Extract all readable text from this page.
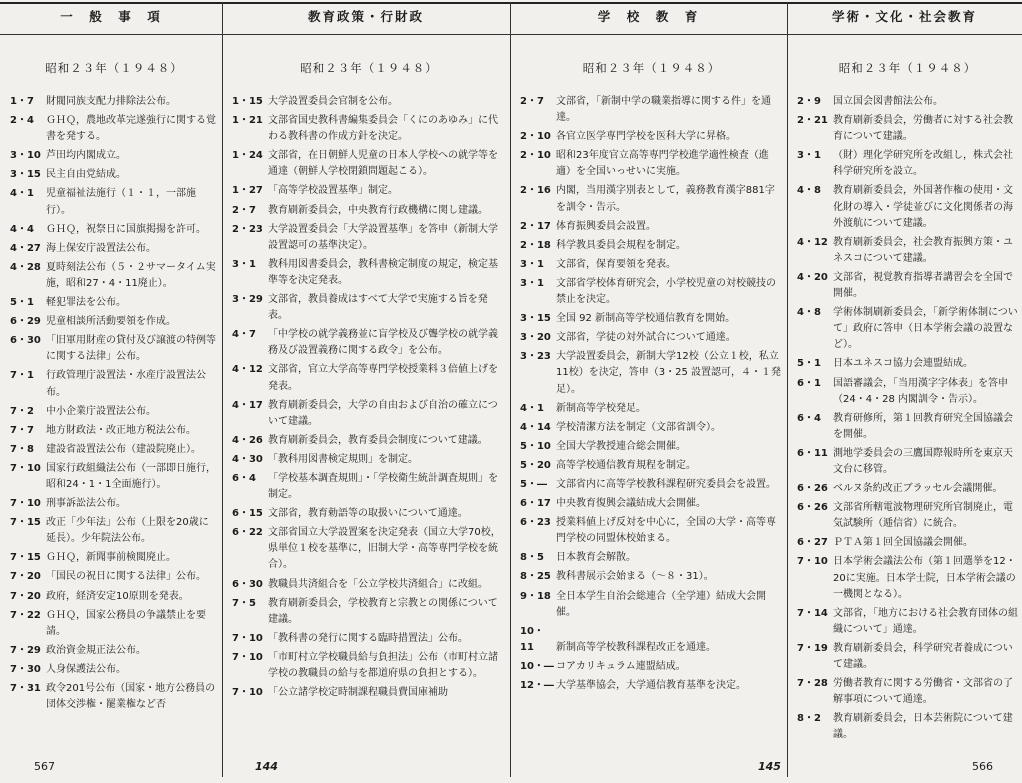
一　般　事　項
昭和２３年（１９４８）
1・7 財閥同族支配力排除法公布。
2・4 ＧＨＱ，農地改革完遂強行に関する覚書を発する。
3・10 芦田均内閣成立。
3・15 民主自由党結成。
4・1 児童福祉法施行（１・１，一部施行）。
4・4 ＧＨＱ，祝祭日に国旗掲揚を許可。
4・27 海上保安庁設置法公布。
4・28 夏時刻法公布（５・２サマータイム実施，昭和27・4・11廃止）。
5・1 軽犯罪法を公布。
6・29 児童相談所活動要領を作成。
6・30 「旧軍用財産の貸付及び譲渡の特例等に関する法律」公布。
7・1 行政管理庁設置法・水産庁設置法公布。
7・2 中小企業庁設置法公布。
7・7 地方財政法・改正地方税法公布。
7・8 建設省設置法公布（建設院廃止）。
7・10 国家行政組織法公布（一部即日施行，昭和24・1・1全面施行）。
7・10 刑事訴訟法公布。
7・15 改正「少年法」公布（上限を20歳に延長）。少年院法公布。
7・15 ＧＨＱ，新聞事前検閲廃止。
7・20 「国民の祝日に関する法律」公布。
7・20 政府，経済安定10原則を発表。
7・22 ＧＨＱ，国家公務員の争議禁止を要請。
7・29 政治資金規正法公布。
7・30 人身保護法公布。
7・31 政令201号公布（国家・地方公務員の団体交渉権・罷業権など否
教育政策・行財政
昭和２３年（１９４８）
1・15 大学設置委員会官制を公布。
1・21 文部省国史教科書編集委員会「くにのあゆみ」に代わる教科書の作成方針を決定。
1・24 文部省，在日朝鮮人児童の日本人学校への就学等を通達（朝鮮人学校閉鎖問題起こる）。
1・27 「高等学校設置基準」制定。
2・7 教育刷新委員会，中央教育行政機構に関し建議。
2・23 大学設置委員会「大学設置基準」を答申（新制大学設置認可の基準決定）。
3・1 教科用図書委員会，教科書検定制度の規定，検定基準等を決定発表。
3・29 文部省，教員養成はすべて大学で実施する旨を発表。
4・7 「中学校の就学義務並に盲学校及び聾学校の就学義務及び設置義務に関する政令」を公布。
4・12 文部省，官立大学高等専門学校授業料３倍値上げを発表。
4・17 教育刷新委員会，大学の自由および自治の確立について建議。
4・26 教育刷新委員会，教育委員会制度について建議。
4・30 「教科用図書検定規則」を制定。
6・4 「学校基本調査規則」・「学校衛生統計調査規則」を制定。
6・15 文部省，教育勅語等の取扱いについて通達。
6・22 文部省国立大学設置案を決定発表（国立大学70校，県単位１校を基準に，旧制大学・高等専門学校を統合）。
6・30 教職員共済組合を「公立学校共済組合」に改組。
7・5 教育刷新委員会，学校教育と宗教との関係について建議。
7・10 「教科書の発行に関する臨時措置法」公布。
7・10 「市町村立学校職員給与負担法」公布（市町村立諸学校の教職員の給与を都道府県の負担とする）。
7・10 「公立諸学校定時制課程職員費国庫補助
学　校　教　育
昭和２３年（１９４８）
2・7 文部省，「新制中学の職業指導に関する件」を通達。
2・10 各官立医学専門学校を医科大学に昇格。
2・10 昭和23年度官立高等専門学校進学適性検査（進適）を全国いっせいに実施。
2・16 内閣，当用漢字別表として，義務教育漢字881字を訓令・告示。
2・17 体育振興委員会設置。
2・18 科学教具委員会規程を制定。
3・1 文部省，保育要領を発表。
3・1 文部省学校体育研究会，小学校児童の対校競技の禁止を決定。
3・15 全国 92 新制高等学校通信教育を開始。
3・20 文部省，学徒の対外試合について通達。
3・23 大学設置委員会，新制大学12校（公立１校，私立11校）を決定，答申（3・25 設置認可，４・１発足）。
4・1 新制高等学校発足。
4・14 学校清潔方法を制定（文部省訓令）。
5・10 全国大学教授連合総会開催。
5・20 高等学校通信教育規程を制定。
5・― 文部省内に高等学校教科課程研究委員会を設置。
6・17 中央教育復興会議結成大会開催。
6・23 授業料値上げ反対を中心に，全国の大学・高等専門学校の同盟休校始まる。
8・5 日本教育会解散。
8・25 教科書展示会始まる（～８・31）。
9・18 全日本学生自治会総連合（全学連）結成大会開催。
10・11 新制高等学校教科課程改正を通達。
10・― コアカリキュラム連盟結成。
12・― 大学基準協会，大学通信教育基準を決定。
学術・文化・社会教育
昭和２３年（１９４８）
2・9 国立国会図書館法公布。
2・21 教育刷新委員会，労働者に対する社会教育について建議。
3・1 （財）理化学研究所を改組し，株式会社科学研究所を設立。
4・8 教育刷新委員会，外国著作権の使用・文化財の導入・学徒並びに文化関係者の海外渡航について建議。
4・12 教育刷新委員会，社会教育振興方策・ユネスコについて建議。
4・20 文部省，視覚教育指導者講習会を全国で開催。
4・8 学術体制刷新委員会，「新学術体制について」政府に答申（日本学術会議の設置など）。
5・1 日本ユネスコ協力会連盟結成。
6・1 国語審議会，「当用漢字字体表」を答申（24・4・28 内閣訓令・告示）。
6・4 教育研修所，第１回教育研究全国協議会を開催。
6・11 測地学委員会の三鷹国際報時所を東京天文台に移管。
6・26 ベルヌ条約改正ブラッセル会議開催。
6・26 文部省所轄電波物理研究所官制廃止，電気試験所（逓信省）に統合。
6・27 ＰＴＡ第１回全国協議会開催。
7・10 日本学術会議法公布（第１回選挙を12・20に実施。日本学士院，日本学術会議の一機関となる）。
7・14 文部省，「地方における社会教育団体の組織について」通達。
7・19 教育刷新委員会，科学研究者養成について建議。
7・28 労働者教育に関する労働省・文部省の了解事項について通達。
8・2 教育刷新委員会，日本芸術院について建議。
567	144	145	566
